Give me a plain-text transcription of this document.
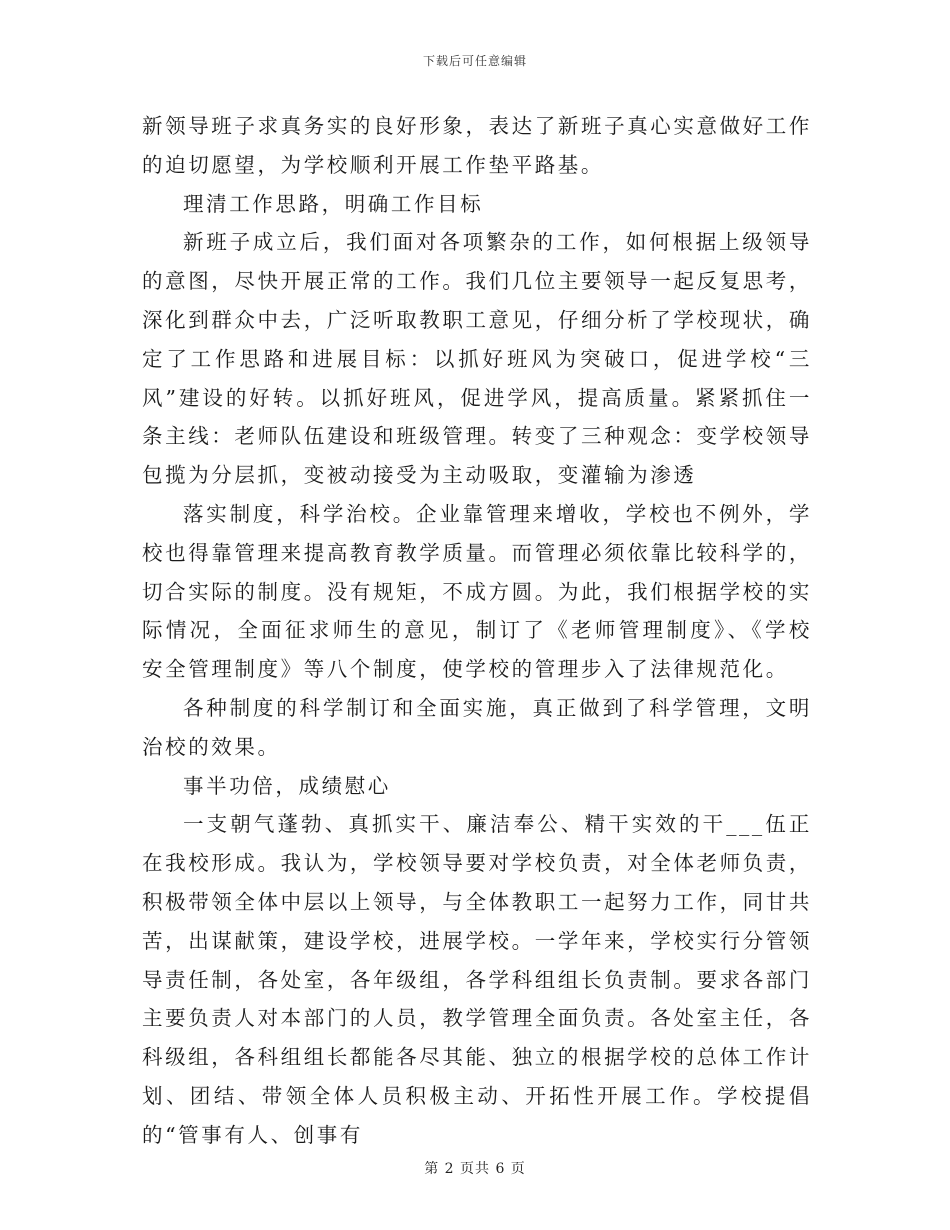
下载后可任意编辑

新领导班子求真务实的良好形象，表达了新班子真心实意做好工作的迫切愿望，为学校顺利开展工作垫平路基。

理清工作思路，明确工作目标

新班子成立后，我们面对各项繁杂的工作，如何根据上级领导的意图，尽快开展正常的工作。我们几位主要领导一起反复思考，深化到群众中去，广泛听取教职工意见，仔细分析了学校现状，确定了工作思路和进展目标：以抓好班风为突破口，促进学校“三风”建设的好转。以抓好班风，促进学风，提高质量。紧紧抓住一条主线：老师队伍建设和班级管理。转变了三种观念：变学校领导包揽为分层抓，变被动接受为主动吸取，变灌输为渗透

落实制度，科学治校。企业靠管理来增收，学校也不例外，学校也得靠管理来提高教育教学质量。而管理必须依靠比较科学的，切合实际的制度。没有规矩，不成方圆。为此，我们根据学校的实际情况，全面征求师生的意见，制订了《老师管理制度》、《学校安全管理制度》等八个制度，使学校的管理步入了法律规范化。

各种制度的科学制订和全面实施，真正做到了科学管理，文明治校的效果。

事半功倍，成绩慰心

一支朝气蓬勃、真抓实干、廉洁奉公、精干实效的干___伍正在我校形成。我认为，学校领导要对学校负责，对全体老师负责，积极带领全体中层以上领导，与全体教职工一起努力工作，同甘共苦，出谋献策，建设学校，进展学校。一学年来，学校实行分管领导责任制，各处室，各年级组，各学科组组长负责制。要求各部门主要负责人对本部门的人员，教学管理全面负责。各处室主任，各科级组，各科组组长都能各尽其能、独立的根据学校的总体工作计划、团结、带领全体人员积极主动、开拓性开展工作。学校提倡的“管事有人、创事有

第 2 页共 6 页
